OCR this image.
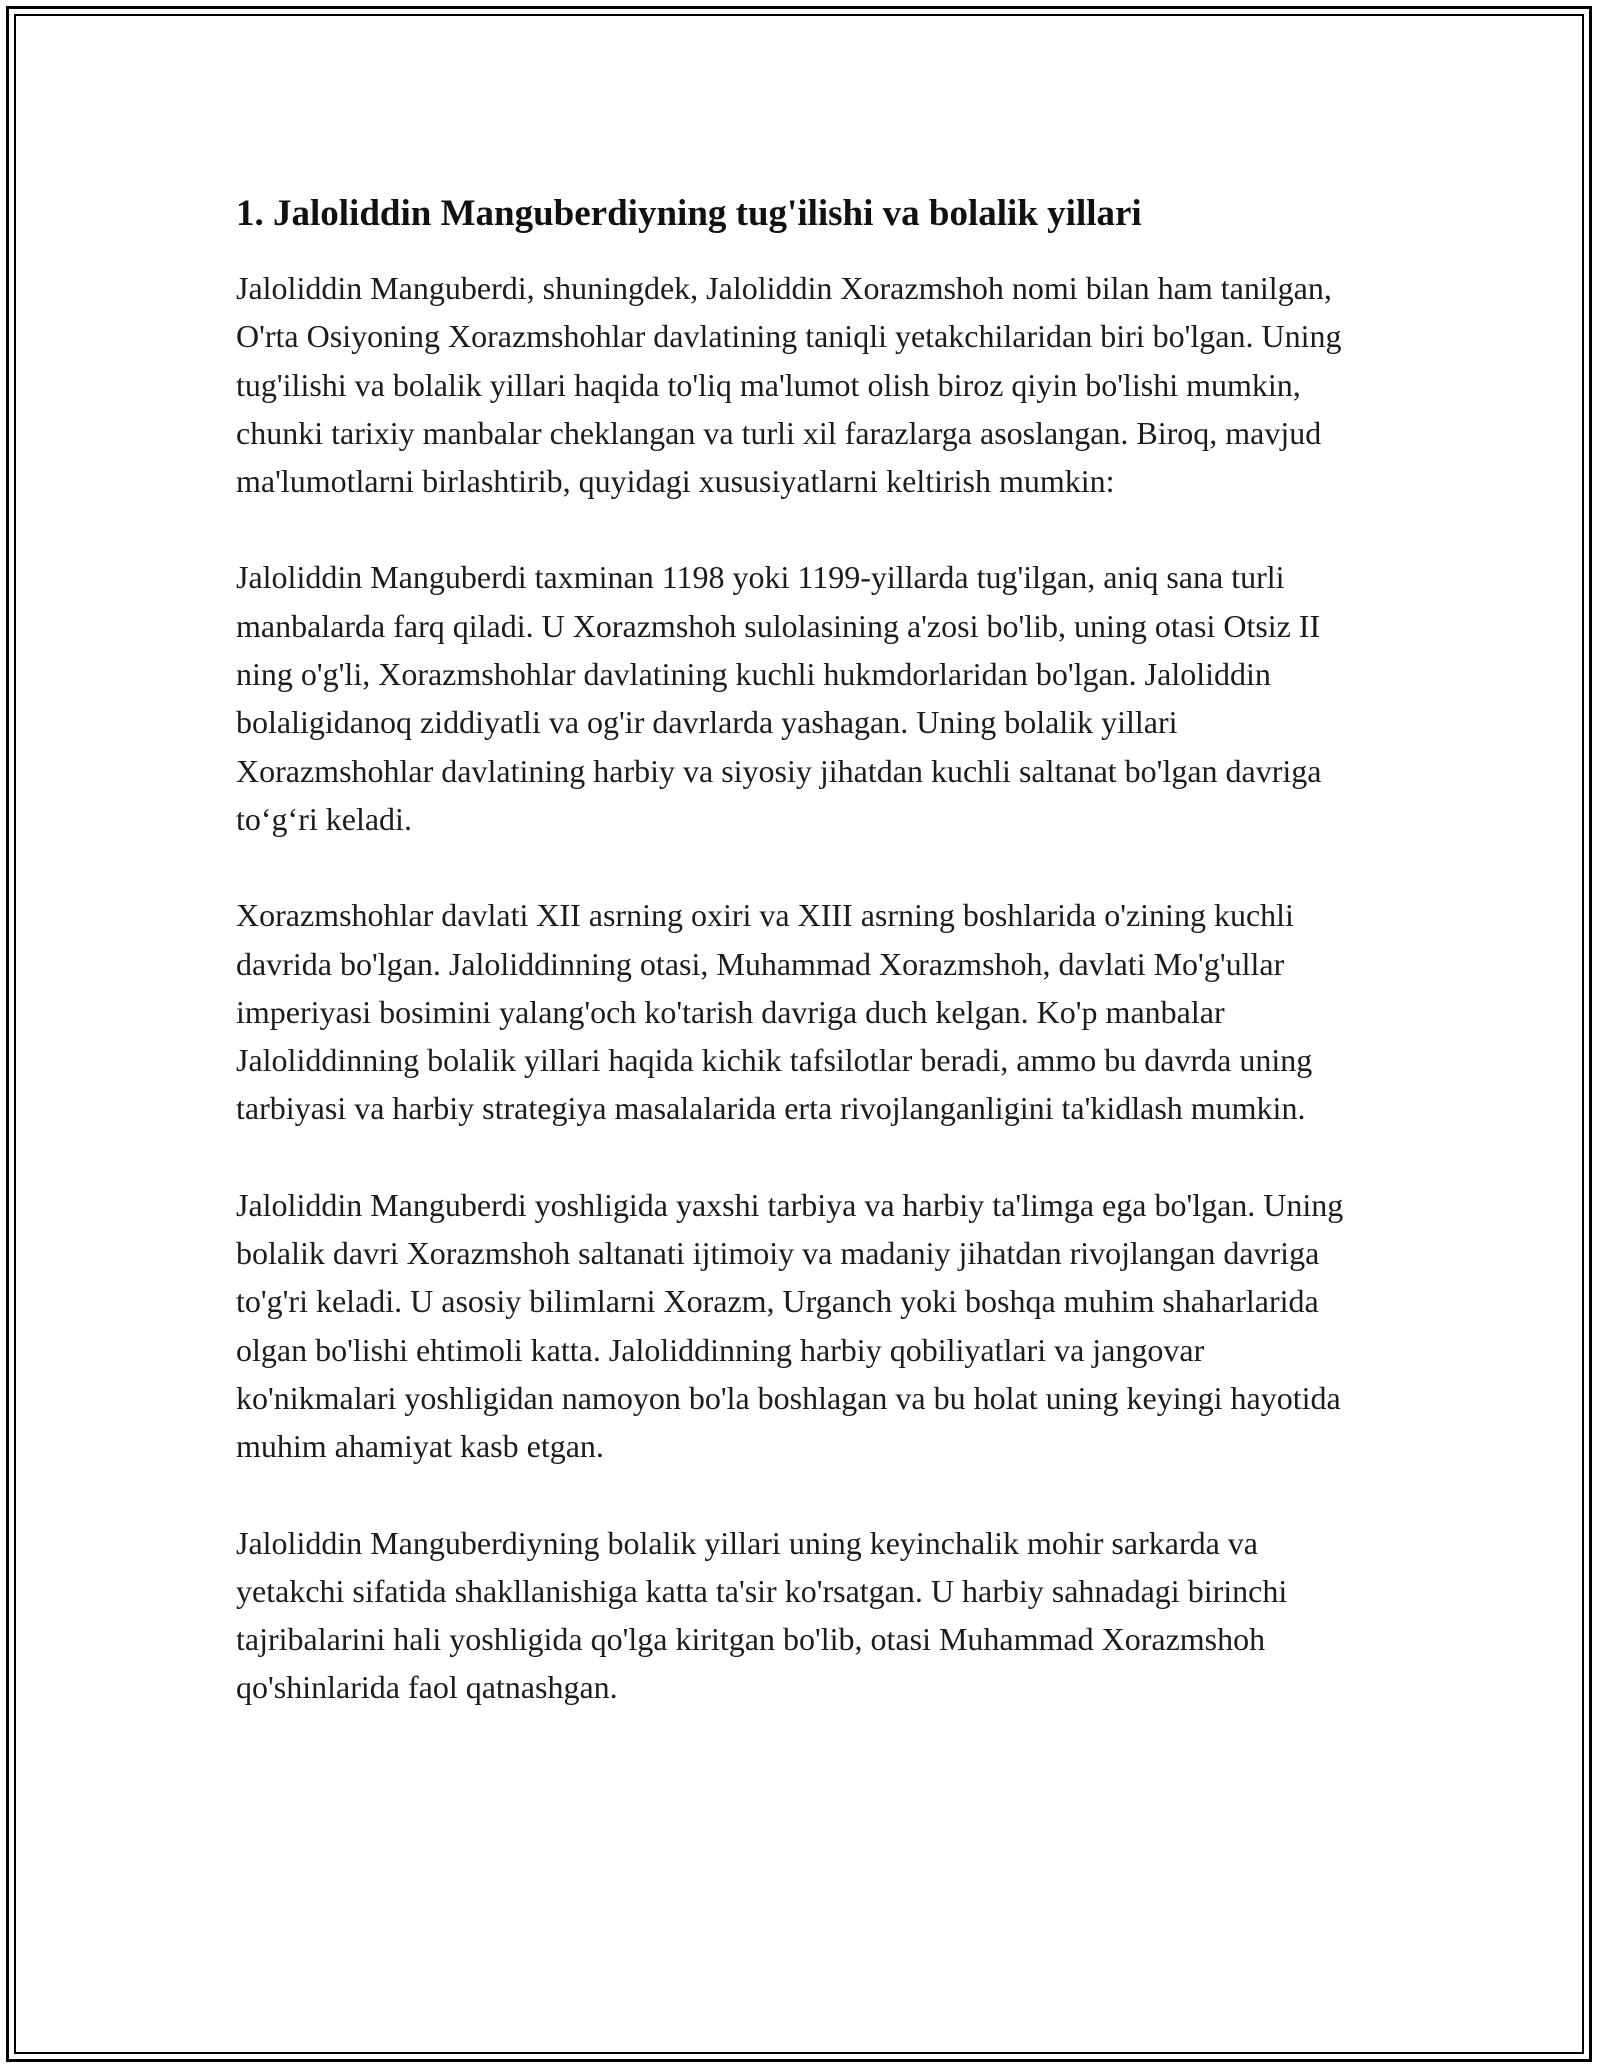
1. Jaloliddin Manguberdiyning tug'ilishi va bolalik yillari

Jaloliddin Manguberdi, shuningdek, Jaloliddin Xorazmshoh nomi bilan ham tanilgan, O'rta Osiyoning Xorazmshohlar davlatining taniqli yetakchilaridan biri bo'lgan. Uning tug'ilishi va bolalik yillari haqida to'liq ma'lumot olish biroz qiyin bo'lishi mumkin, chunki tarixiy manbalar cheklangan va turli xil farazlarga asoslangan. Biroq, mavjud ma'lumotlarni birlashtirib, quyidagi xususiyatlarni keltirish mumkin:

Jaloliddin Manguberdi taxminan 1198 yoki 1199-yillarda tug'ilgan, aniq sana turli manbalarda farq qiladi. U Xorazmshoh sulolasining a'zosi bo'lib, uning otasi Otsiz II ning o'g'li, Xorazmshohlar davlatining kuchli hukmdorlaridan bo'lgan. Jaloliddin bolaligidanoq ziddiyatli va og'ir davrlarda yashagan. Uning bolalik yillari Xorazmshohlar davlatining harbiy va siyosiy jihatdan kuchli saltanat bo'lgan davriga to‘g‘ri keladi.

Xorazmshohlar davlati XII asrning oxiri va XIII asrning boshlarida o'zining kuchli davrida bo'lgan. Jaloliddinning otasi, Muhammad Xorazmshoh, davlati Mo'g'ullar imperiyasi bosimini yalang'och ko'tarish davriga duch kelgan. Ko'p manbalar Jaloliddinning bolalik yillari haqida kichik tafsilotlar beradi, ammo bu davrda uning tarbiyasi va harbiy strategiya masalalarida erta rivojlanganligini ta'kidlash mumkin.

Jaloliddin Manguberdi yoshligida yaxshi tarbiya va harbiy ta'limga ega bo'lgan. Uning bolalik davri Xorazmshoh saltanati ijtimoiy va madaniy jihatdan rivojlangan davriga to'g'ri keladi. U asosiy bilimlarni Xorazm, Urganch yoki boshqa muhim shaharlarida olgan bo'lishi ehtimoli katta. Jaloliddinning harbiy qobiliyatlari va jangovar ko'nikmalari yoshligidan namoyon bo'la boshlagan va bu holat uning keyingi hayotida muhim ahamiyat kasb etgan.

Jaloliddin Manguberdiyning bolalik yillari uning keyinchalik mohir sarkarda va yetakchi sifatida shakllanishiga katta ta'sir ko'rsatgan. U harbiy sahnadagi birinchi tajribalarini hali yoshligida qo'lga kiritgan bo'lib, otasi Muhammad Xorazmshoh qo'shinlarida faol qatnashgan.
